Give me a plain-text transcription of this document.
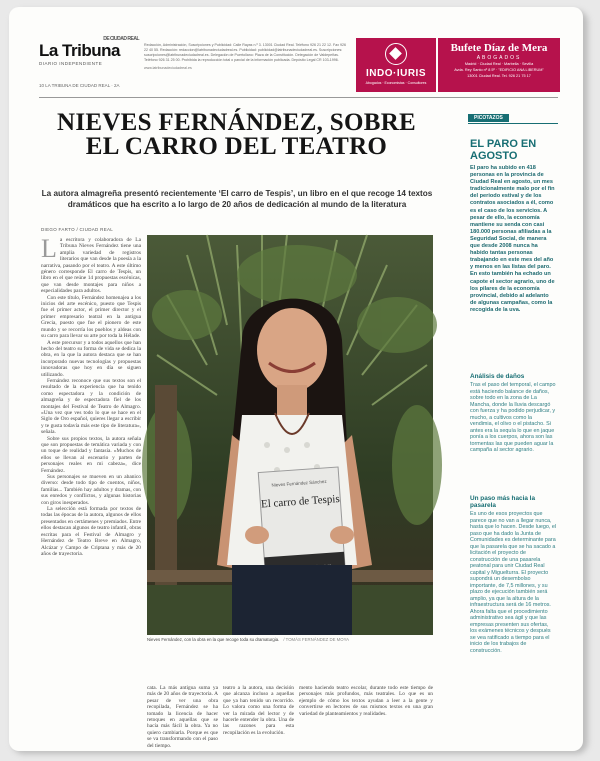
DE CIUDAD REAL
La Tribuna
DIARIO INDEPENDIENTE
10 LA TRIBUNA DE CIUDAD REAL · 2A
Redacción, Administración, Suscripciones y Publicidad: Calle Rayas n.º 3. 13001 Ciudad Real. Teléfono 926 21 22 12. Fax 926 22 40 55. Redacción: redaccion@latribunadeciudadreal.es. Publicidad: publicidad@latribunadeciudadreal.es. Suscripciones: suscripciones@latribunadeciudadreal.es. Delegación de Puertollano: Plaza de la Constitución. Delegación de Valdepeñas. Teléfono 926 31 25 00. Prohibida la reproducción total o parcial de la información publicada. Depósito Legal CR 103-1996.
www.latribunadeciudadreal.es	INDO·IURIS
Abogados · Economistas · Consultores
Bufete Díaz de Mera
ABOGADOS
Madrid · Ciudad Real · Marbella · Sevilla
Avda. Rey Santo nº 8 5º · "EDIFICIO ANA LIBERUM"
13001 Ciudad Real. Tel. 926 21 75 17
NIEVES FERNÁNDEZ, SOBRE EL CARRO DEL TEATRO
La autora almagreña presentó recientemente ‘El carro de Tespis’, un libro en el que recoge 14 textos dramáticos que ha escrito a lo largo de 20 años de dedicación al mundo de la literatura
DIEGO FARTO / CIUDAD REAL

La escritora y colaboradora de La Tribuna Nieves Fernández tiene una amplia variedad de registros literarios que van desde la poesía a la narrativa, pasando por el teatro. A este último género corresponde El carro de Tespis, un libro en el que reúne 14 propuestas escénicas, que van desde montajes para niños a especialidades para adultos.

Con este título, Fernández homenajea a los inicios del arte escénico, puesto que Tespis fue el primer actor, el primer director y el primer empresario teatral en la antigua Grecia, puesto que fue el pionero de este mundo y se recorría los pueblos y aldeas con su carro para llevar su arte por toda la Hélade.

A este precursor y a todos aquellos que han hecho del teatro su forma de vida se dedica la obra, en la que la autora destaca que se han incorporado nuevas tecnologías y propuestas innovadoras que hoy en día se siguen utilizando.

Fernández reconoce que sus textos son el resultado de la experiencia que ha tenido como espectadora y la condición de almagreña y de espectadora fiel de los montajes del Festival de Teatro de Almagro. «Una vez que ves todo lo que se hace en el Siglo de Oro español, quieres llegar a escribir y te gusta todavía más este tipo de literatura», señala.

Sobre sus propios textos, la autora señala que son propuestas de temática variada y con un toque de realidad y fantasía. «Muchos de ellos se llevan al escenario y parten de personajes reales en mi cabeza», dice Fernández.

Sus personajes se mueven en un abanico diverso: desde todo tipo de cuentos, niños, familias... También hay adultos y dramas, con sus enredos y conflictos, y algunas historias con giros inesperados.

La selección está formada por textos de todas las épocas de la autora, algunos de ellos presentados en certámenes y premiados. Entre ellos destacan algunos de teatro infantil, obras escritas para el Festival de Almagro y Hernández de Teatro Breve en Almagro, Alcázar y Campo de Criptana y más de 20 años de trayectoria.

Nieves Fernández Sánchez
El carro de Tespis
Nieves Fernández, con la obra en la que recoge toda su dramaturgia. / TOMÁS FERNÁNDEZ DE MOYA
cata. La más antigua suma ya más de 20 años de trayectoria. A pesar de ver una obra recopilada, Fernández se ha tomado la licencia de hacer retoques en aquellas que se hacía más fácil la obra. Ya no quiero cambiarla. Porque es que se va transformando con el paso del tiempo.
teatro a la autora, una decisión que alcanza incluso a aquellas que ya han tenido un recorrido. Lo valora como una forma de ver la mirada del lector y de hacerle entender la obra. Una de las razones para esta recopilación es la evolución.
mento haciendo teatro escolar, durante todo este tiempo de personajes más profundos, más teatrales. Lo que es un ejemplo de cómo los textos ayudan a leer a la gente y convertirse en lectores de sus mismos textos en una gran variedad de planteamientos y realidades.
PICOTAZOS
EL PARO EN
AGOSTO
El paro ha subido en 418 personas en la provincia de Ciudad Real en agosto, un mes tradicionalmente malo por el fin del periodo estival y de los contratos asociados a él, como es el caso de los servicios. A pesar de ello, la economía mantiene su senda con casi 180.000 personas afiliadas a la Seguridad Social, de manera que desde 2008 nunca ha habido tantas personas trabajando en este mes del año y menos en las listas del paro. En esto también ha echado un capote el sector agrario, uno de los pilares de la economía provincial, debido al adelanto de algunas campañas, como la recogida de la uva.
Análisis de daños
Tras el paso del temporal, el campo está haciendo balance de daños, sobre todo en la zona de La Mancha, donde la lluvia descargó con fuerza y ha podido perjudicar, y mucho, a cultivos como la vendimia, el olivo o el pistacho. Si antes era la sequía lo que en jaque ponía a los cuerpos, ahora son las tormentas las que pueden aguar la campaña al sector agrario.
Un paso más hacia la
pasarela
Es uno de esos proyectos que parece que no van a llegar nunca, hasta que lo hacen. Desde luego, el paso que ha dado la Junta de Comunidades es determinante para que la pasarela que se ha sacado a licitación el proyecto de construcción de una pasarela peatonal para unir Ciudad Real capital y Miguelturra. El proyecto supondrá un desembolso importante, de 7,5 millones, y su plazo de ejecución también será amplio, ya que la altura de la infraestructura será de 16 metros. Ahora falta que el procedimiento administrativo sea ágil y que las empresas presenten sus ofertas, los exámenes técnicos y después se vea ratificado a tiempo para el inicio de los trabajos de construcción.
